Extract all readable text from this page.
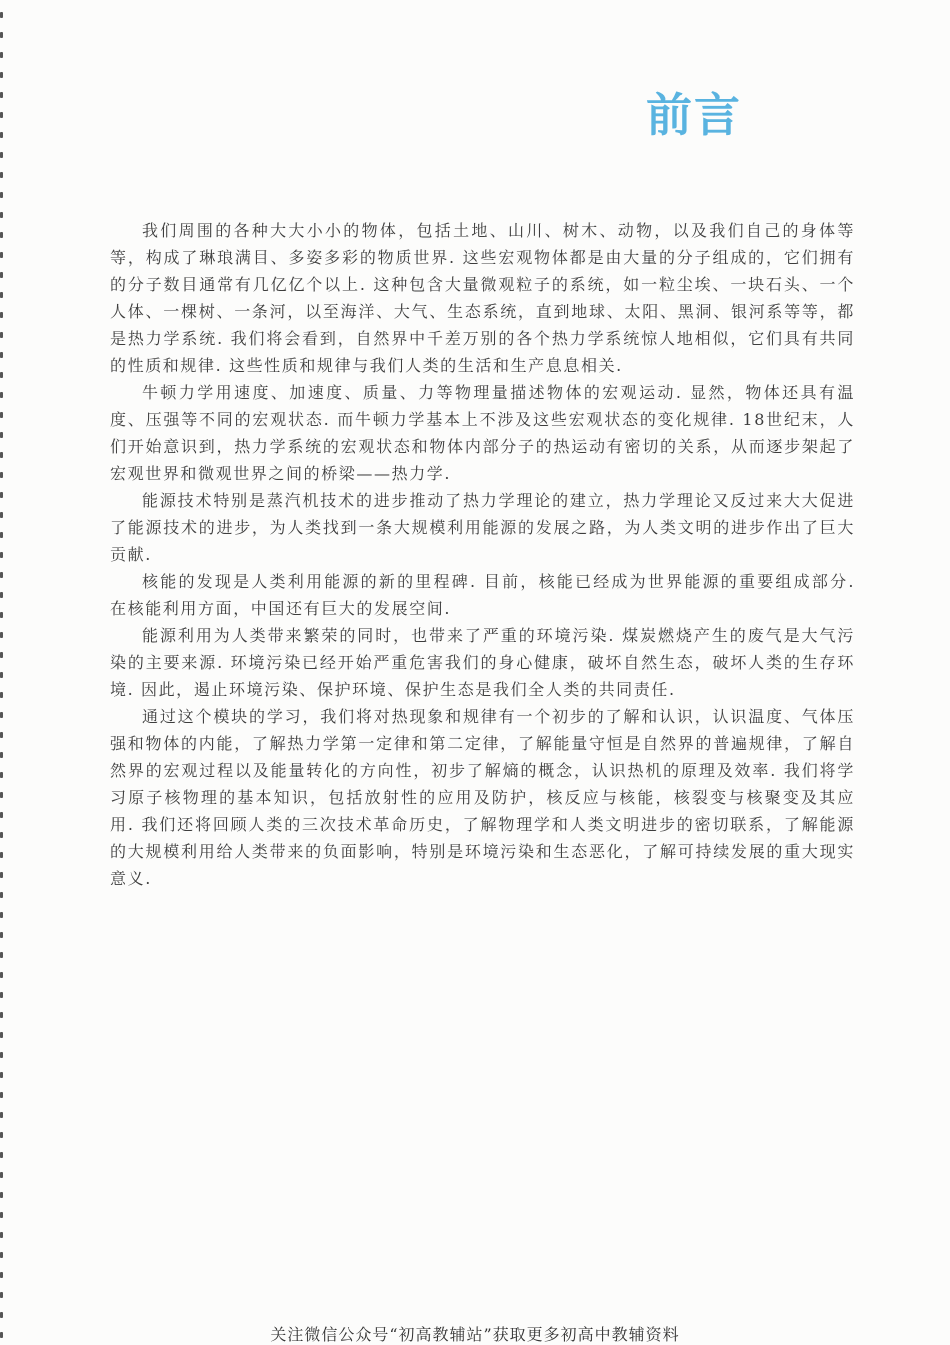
前言

我们周围的各种大大小小的物体，包括土地、山川、树木、动物，以及我们自己的身体等等，构成了琳琅满目、多姿多彩的物质世界. 这些宏观物体都是由大量的分子组成的，它们拥有的分子数目通常有几亿亿个以上. 这种包含大量微观粒子的系统，如一粒尘埃、一块石头、一个人体、一棵树、一条河，以至海洋、大气、生态系统，直到地球、太阳、黑洞、银河系等等，都是热力学系统. 我们将会看到，自然界中千差万别的各个热力学系统惊人地相似，它们具有共同的性质和规律. 这些性质和规律与我们人类的生活和生产息息相关.

牛顿力学用速度、加速度、质量、力等物理量描述物体的宏观运动. 显然，物体还具有温度、压强等不同的宏观状态. 而牛顿力学基本上不涉及这些宏观状态的变化规律. 18世纪末，人们开始意识到，热力学系统的宏观状态和物体内部分子的热运动有密切的关系，从而逐步架起了宏观世界和微观世界之间的桥梁——热力学.

能源技术特别是蒸汽机技术的进步推动了热力学理论的建立，热力学理论又反过来大大促进了能源技术的进步，为人类找到一条大规模利用能源的发展之路，为人类文明的进步作出了巨大贡献.

核能的发现是人类利用能源的新的里程碑. 目前，核能已经成为世界能源的重要组成部分. 在核能利用方面，中国还有巨大的发展空间.

能源利用为人类带来繁荣的同时，也带来了严重的环境污染. 煤炭燃烧产生的废气是大气污染的主要来源. 环境污染已经开始严重危害我们的身心健康，破坏自然生态，破坏人类的生存环境. 因此，遏止环境污染、保护环境、保护生态是我们全人类的共同责任.

通过这个模块的学习，我们将对热现象和规律有一个初步的了解和认识，认识温度、气体压强和物体的内能，了解热力学第一定律和第二定律，了解能量守恒是自然界的普遍规律，了解自然界的宏观过程以及能量转化的方向性，初步了解熵的概念，认识热机的原理及效率. 我们将学习原子核物理的基本知识，包括放射性的应用及防护，核反应与核能，核裂变与核聚变及其应用. 我们还将回顾人类的三次技术革命历史，了解物理学和人类文明进步的密切联系，了解能源的大规模利用给人类带来的负面影响，特别是环境污染和生态恶化，了解可持续发展的重大现实意义.

关注微信公众号“初高教辅站”获取更多初高中教辅资料
